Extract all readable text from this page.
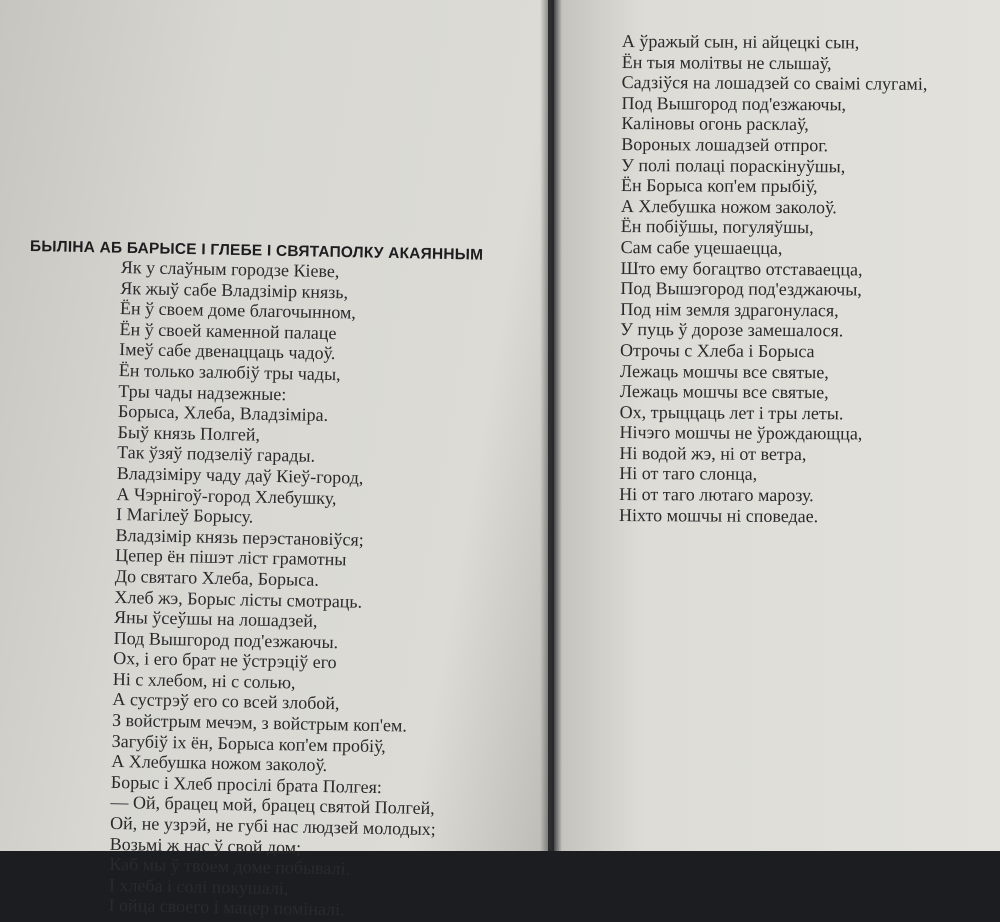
БЫЛІНА АБ БАРЫСЕ І ГЛЕБЕ І СВЯТАПОЛКУ АКАЯННЫМ
Як у слаўным городзе Кіеве,
Як жыў сабе Владзімір князь,
Ён ў своем доме благочынном,
Ён ў своей каменной палаце
Імеў сабе двенаццаць чадоў.
Ён только залюбіў тры чады,
Тры чады надзежные:
Борыса, Хлеба, Владзіміра.
Быў князь Полгей,
Так ўзяў подзеліў гарады.
Владзіміру чаду даў Кіеў-город,
А Чэрнігоў-город Хлебушку,
І Магілеў Борысу.
Владзімір князь перэстановіўся;
Цепер ён пішэт ліст грамотны
До святаго Хлеба, Борыса.
Хлеб жэ, Борыс лісты смотраць.
Яны ўсеўшы на лошадзей,
Под Вышгород под'езжаючы.
Ох, і его брат не ўстрэціў его
Ні с хлебом, ні с солью,
А сустрэў его со всей злобой,
З войстрым мечэм, з войстрым коп'ем.
Загубіў іх ён, Борыса коп'ем пробіў,
А Хлебушка ножом заколоў.
Борыс і Хлеб просілі брата Полгея:
— Ой, брацец мой, брацец святой Полгей,
Ой, не узрэй, не губі нас людзей молодых;
Возьмі ж нас ў свой дом;
Каб мы ў твоем доме побывалі.
І хлеба і солі покушалі,
І ойца своего і мацер поміналі.
А ўражый сын, ні айцецкі сын,
Ён тыя молітвы не слышаў,
Садзіўся на лошадзей со сваімі слугамі,
Под Вышгород под'езжаючы,
Каліновы огонь расклаў,
Вороных лошадзей отпрог.
У полі полаці пораскінуўшы,
Ён Борыса коп'ем прыбіў,
А Хлебушка ножом заколоў.
Ён побіўшы, погуляўшы,
Сам сабе уцешаецца,
Што ему богацтво отставаецца,
Под Вышэгород под'езджаючы,
Под нім земля здрагонулася,
У пуць ў дорозе замешалося.
Отрочы с Хлеба і Борыса
Лежаць мошчы все святые,
Лежаць мошчы все святые,
Ох, трыццаць лет і тры леты.
Нічэго мошчы не ўрождающца,
Ні водой жэ, ні от ветра,
Ні от таго слонца,
Ні от таго лютаго марозу.
Ніхто мошчы ні споведае.
